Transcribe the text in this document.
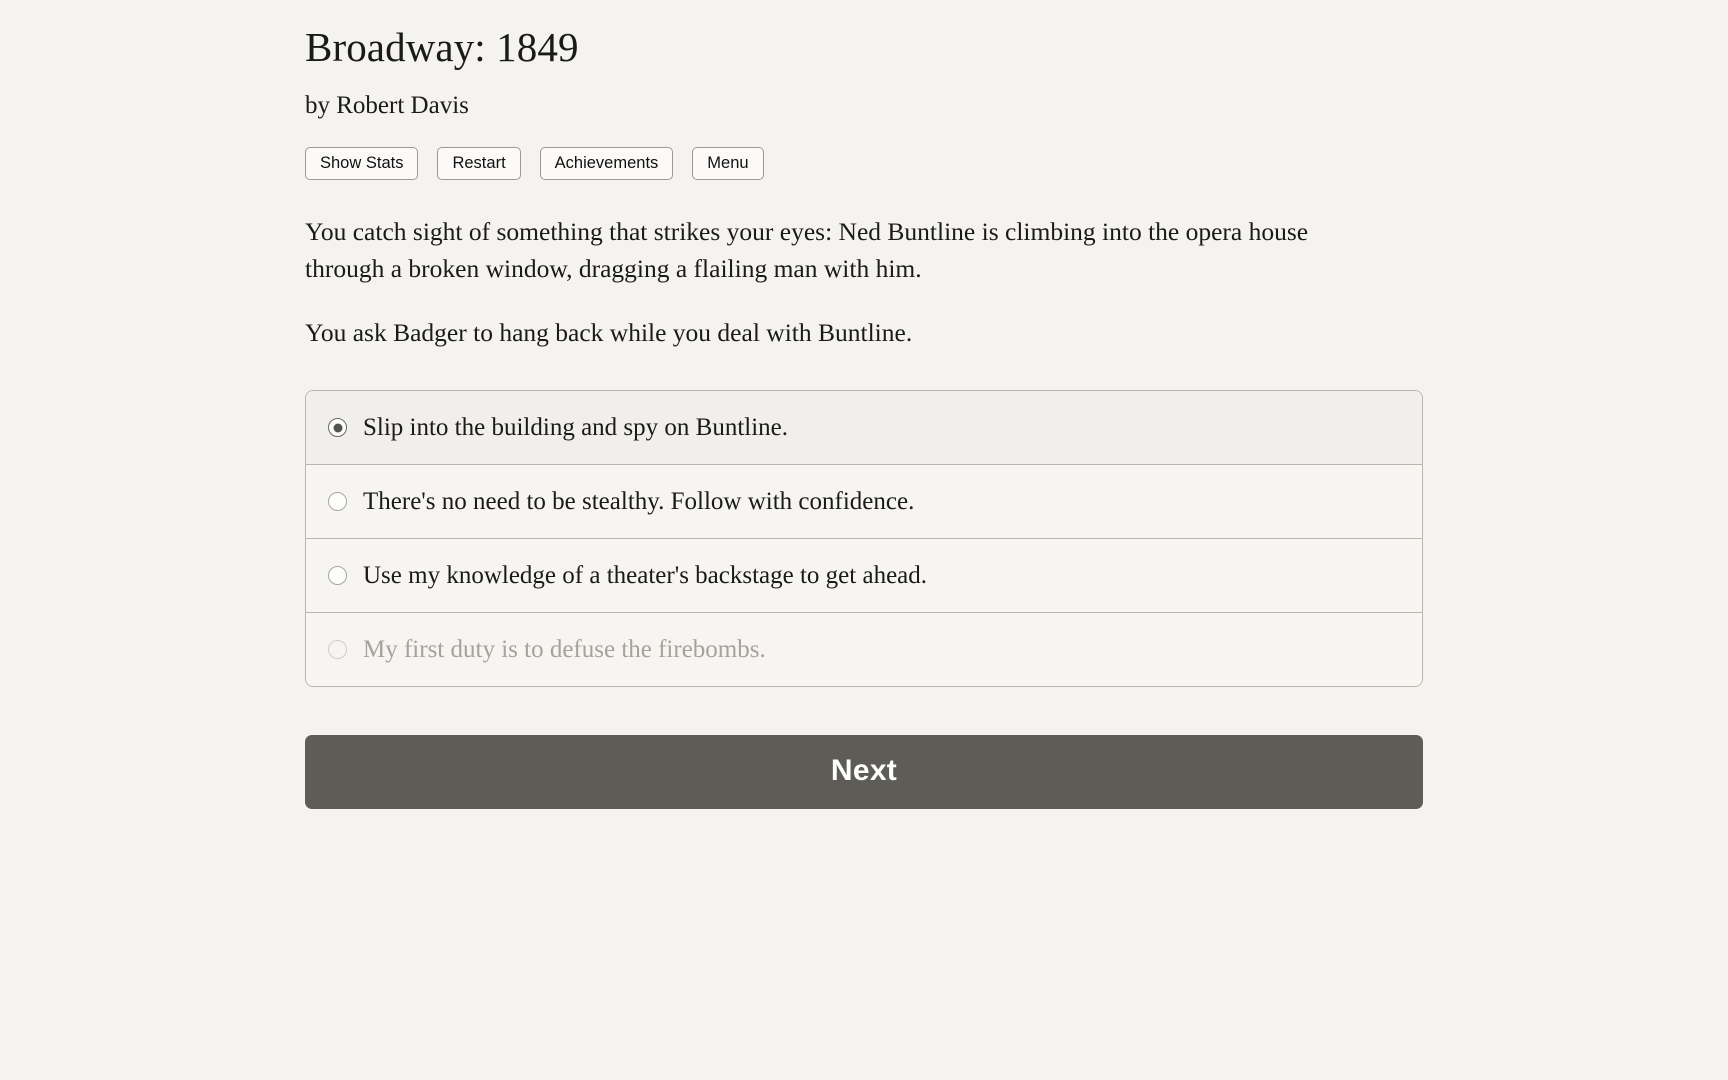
Broadway: 1849
by Robert Davis
Show Stats	Restart	Achievements	Menu

You catch sight of something that strikes your eyes: Ned Buntline is climbing into the opera house through a broken window, dragging a flailing man with him.

You ask Badger to hang back while you deal with Buntline.

Slip into the building and spy on Buntline.
There's no need to be stealthy. Follow with confidence.
Use my knowledge of a theater's backstage to get ahead.
My first duty is to defuse the firebombs.
Next
